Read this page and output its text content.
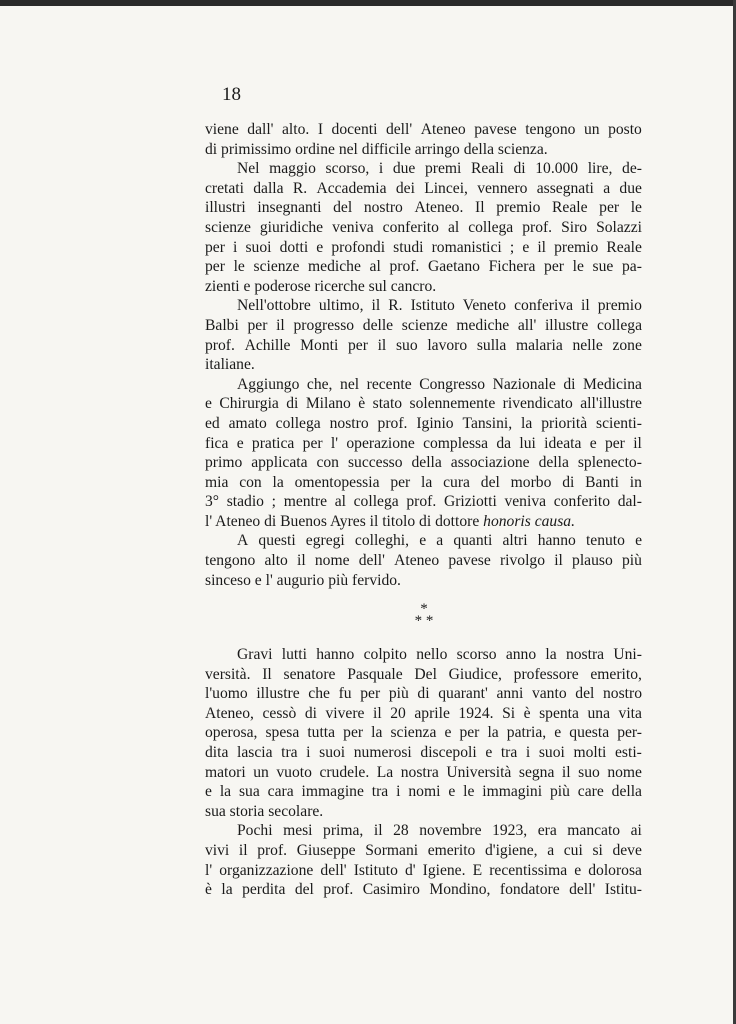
18
viene dall' alto. I docenti dell' Ateneo pavese tengono un posto
di primissimo ordine nel difficile arringo della scienza.
Nel maggio scorso, i due premi Reali di 10.000 lire, de-
cretati dalla R. Accademia dei Lincei, vennero assegnati a due
illustri insegnanti del nostro Ateneo. Il premio Reale per le
scienze giuridiche veniva conferito al collega prof. Siro Solazzi
per i suoi dotti e profondi studi romanistici ; e il premio Reale
per le scienze mediche al prof. Gaetano Fichera per le sue pa-
zienti e poderose ricerche sul cancro.
Nell'ottobre ultimo, il R. Istituto Veneto conferiva il premio
Balbi per il progresso delle scienze mediche all' illustre collega
prof. Achille Monti per il suo lavoro sulla malaria nelle zone
italiane.
Aggiungo che, nel recente Congresso Nazionale di Medicina
e Chirurgia di Milano è stato solennemente rivendicato all'illustre
ed amato collega nostro prof. Iginio Tansini, la priorità scienti-
fica e pratica per l' operazione complessa da lui ideata e per il
primo applicata con successo della associazione della splenecto-
mia con la omentopessia per la cura del morbo di Banti in
3° stadio ; mentre al collega prof. Griziotti veniva conferito dal-
l' Ateneo di Buenos Ayres il titolo di dottore
honoris causa.
A questi egregi colleghi, e a quanti altri hanno tenuto e
tengono alto il nome dell' Ateneo pavese rivolgo il plauso più
sinceso e l' augurio più fervido.
*
* *
Gravi lutti hanno colpito nello scorso anno la nostra Uni-
versità. Il senatore Pasquale Del Giudice, professore emerito,
l'uomo illustre che fu per più di quarant' anni vanto del nostro
Ateneo, cessò di vivere il 20 aprile 1924. Si è spenta una vita
operosa, spesa tutta per la scienza e per la patria, e questa per-
dita lascia tra i suoi numerosi discepoli e tra i suoi molti esti-
matori un vuoto crudele. La nostra Università segna il suo nome
e la sua cara immagine tra i nomi e le immagini più care della
sua storia secolare.
Pochi mesi prima, il 28 novembre 1923, era mancato ai
vivi il prof. Giuseppe Sormani emerito d'igiene, a cui si deve
l' organizzazione dell' Istituto d' Igiene. E recentissima e dolorosa
è la perdita del prof. Casimiro Mondino, fondatore dell' Istitu-
